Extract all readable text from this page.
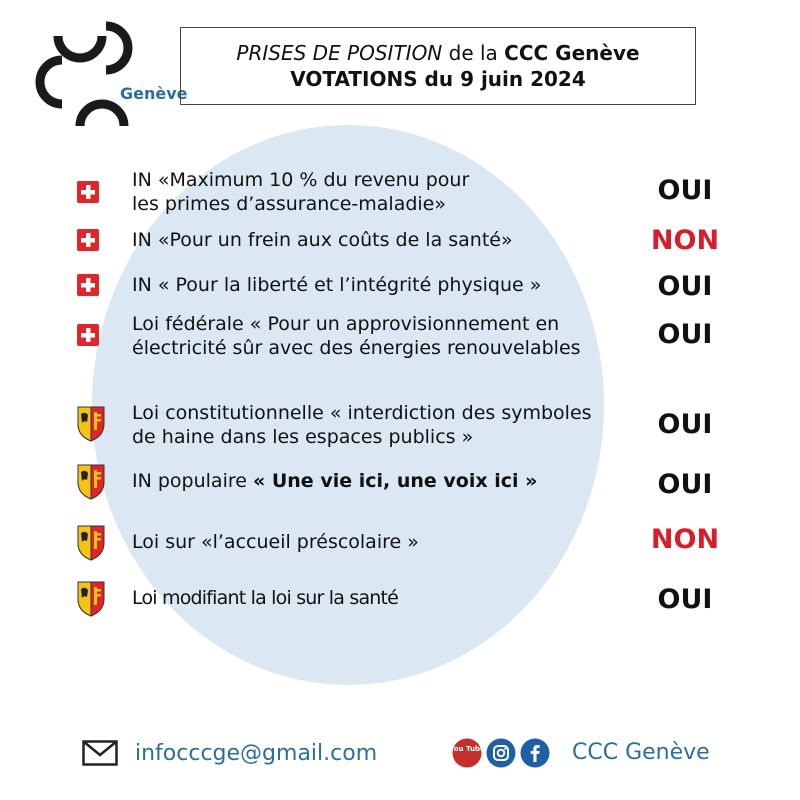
Genève
PRISES DE POSITION de la CCC Genève
VOTATIONS du 9 juin 2024
IN «Maximum 10 % du revenu pour
les primes d’assurance-maladie»	OUI
IN «Pour un frein aux coûts de la santé»	NON
IN « Pour la liberté et l’intégrité physique »	OUI
Loi fédérale « Pour un approvisionnement en
électricité sûr avec des énergies renouvelables	OUI
Loi constitutionnelle « interdiction des symboles
de haine dans les espaces publics »	OUI
IN populaire « Une vie ici, une voix ici »	OUI
Loi sur «l’accueil préscolaire »	NON
Loi modifiant la loi sur la santé	OUI
infocccge@gmail.com	You Tube	CCC Genève
